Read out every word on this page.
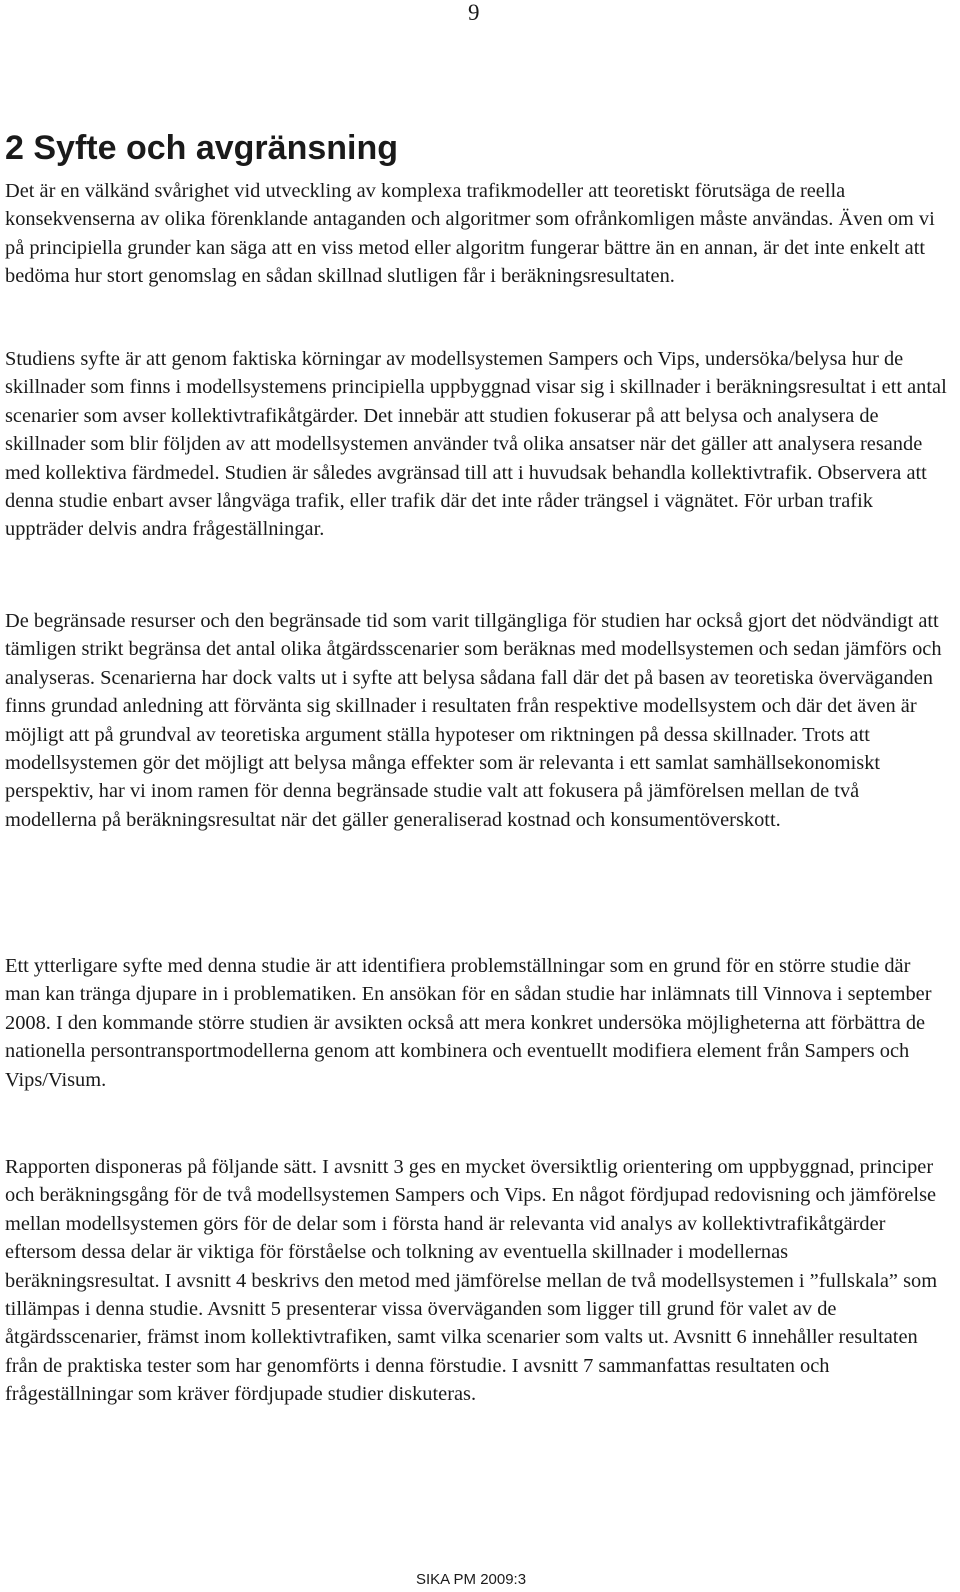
9

2 Syfte och avgränsning

Det är en välkänd svårighet vid utveckling av komplexa trafikmodeller att teoretiskt förutsäga de reella konsekvenserna av olika förenklande antaganden och algoritmer som ofrånkomligen måste användas. Även om vi på principiella grunder kan säga att en viss metod eller algoritm fungerar bättre än en annan, är det inte enkelt att bedöma hur stort genomslag en sådan skillnad slutligen får i beräkningsresultaten.

Studiens syfte är att genom faktiska körningar av modellsystemen Sampers och Vips, undersöka/belysa hur de skillnader som finns i modellsystemens principiella uppbyggnad visar sig i skillnader i beräkningsresultat i ett antal scenarier som avser kollektivtrafikåtgärder. Det innebär att studien fokuserar på att belysa och analysera de skillnader som blir följden av att modellsystemen använder två olika ansatser när det gäller att analysera resande med kollektiva färdmedel. Studien är således avgränsad till att i huvudsak behandla kollektivtrafik. Observera att denna studie enbart avser långväga trafik, eller trafik där det inte råder trängsel i vägnätet. För urban trafik uppträder delvis andra frågeställningar.

De begränsade resurser och den begränsade tid som varit tillgängliga för studien har också gjort det nödvändigt att tämligen strikt begränsa det antal olika åtgärdsscenarier som beräknas med modellsystemen och sedan jämförs och analyseras. Scenarierna har dock valts ut i syfte att belysa sådana fall där det på basen av teoretiska överväganden finns grundad anledning att förvänta sig skillnader i resultaten från respektive modellsystem och där det även är möjligt att på grundval av teoretiska argument ställa hypoteser om riktningen på dessa skillnader. Trots att modellsystemen gör det möjligt att belysa många effekter som är relevanta i ett samlat samhällsekonomiskt perspektiv, har vi inom ramen för denna begränsade studie valt att fokusera på jämförelsen mellan de två modellerna på beräkningsresultat när det gäller generaliserad kostnad och konsumentöverskott.

Ett ytterligare syfte med denna studie är att identifiera problemställningar som en grund för en större studie där man kan tränga djupare in i problematiken. En ansökan för en sådan studie har inlämnats till Vinnova i september 2008. I den kommande större studien är avsikten också att mera konkret undersöka möjligheterna att förbättra de nationella persontransportmodellerna genom att kombinera och eventuellt modifiera element från Sampers och Vips/Visum.

Rapporten disponeras på följande sätt. I avsnitt 3 ges en mycket översiktlig orientering om uppbyggnad, principer och beräkningsgång för de två modellsystemen Sampers och Vips. En något fördjupad redovisning och jämförelse mellan modellsystemen görs för de delar som i första hand är relevanta vid analys av kollektivtrafikåtgärder eftersom dessa delar är viktiga för förståelse och tolkning av eventuella skillnader i modellernas beräkningsresultat. I avsnitt 4 beskrivs den metod med jämförelse mellan de två modellsystemen i ”fullskala” som tillämpas i denna studie. Avsnitt 5 presenterar vissa överväganden som ligger till grund för valet av de åtgärdsscenarier, främst inom kollektivtrafiken, samt vilka scenarier som valts ut. Avsnitt 6 innehåller resultaten från de praktiska tester som har genomförts i denna förstudie. I avsnitt 7 sammanfattas resultaten och frågeställningar som kräver fördjupade studier diskuteras.

SIKA PM 2009:3
